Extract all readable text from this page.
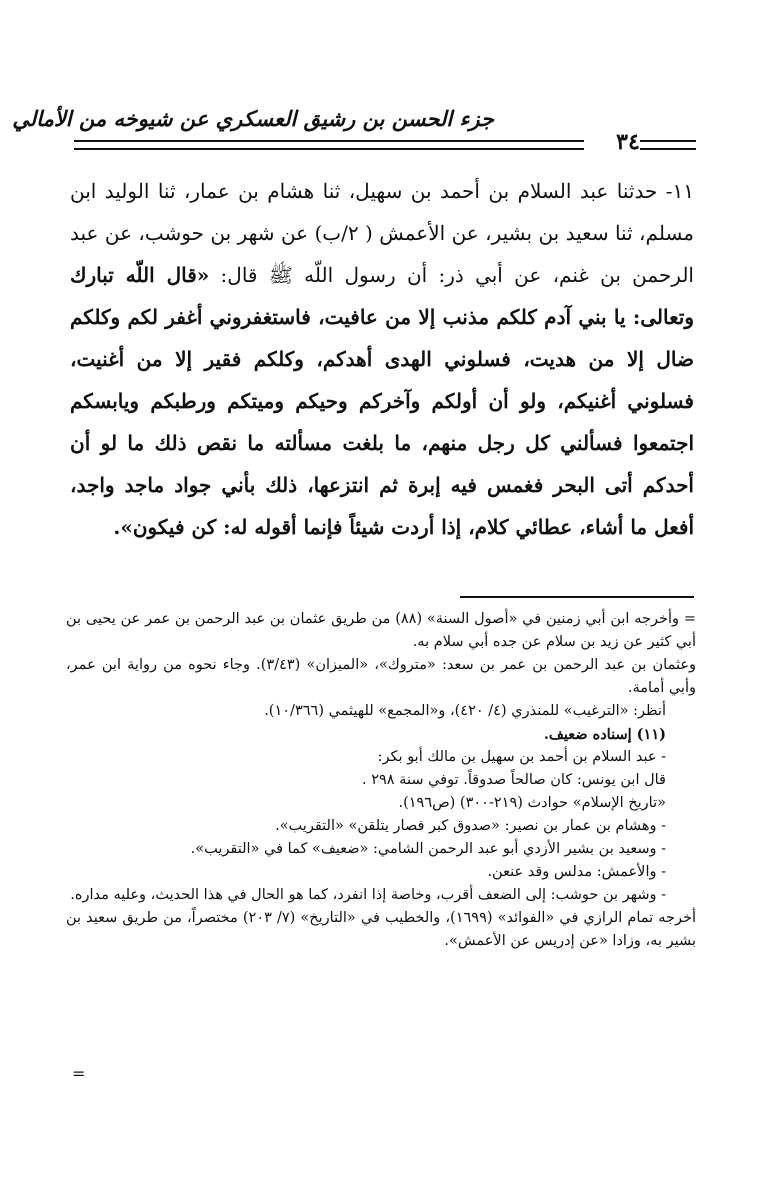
جزء الحسن بن رشيق العسكري عن شيوخه من الأمالي
٣٤
١١- حدثنا عبد السلام بن أحمد بن سهيل، ثنا هشام بن عمار، ثنا الوليد ابن مسلم، ثنا سعيد بن بشير، عن الأعمش ( ٢/ب) عن شهر بن حوشب، عن عبد الرحمن بن غنم، عن أبي ذر: أن رسول اللّه ﷺ قال: «قال اللّه تبارك وتعالى: يا بني آدم كلكم مذنب إلا من عافيت، فاستغفروني أغفر لكم وكلكم ضال إلا من هديت، فسلوني الهدى أهدكم، وكلكم فقير إلا من أغنيت، فسلوني أغنيكم، ولو أن أولكم وآخركم وحيكم وميتكم ورطبكم ويابسكم اجتمعوا فسألني كل رجل منهم، ما بلغت مسألته ما نقص ذلك ما لو أن أحدكم أتى البحر فغمس فيه إبرة ثم انتزعها، ذلك بأني جواد ماجد واجد، أفعل ما أشاء، عطائي كلام، إذا أردت شيئاً فإنما أقوله له: كن فيكون».

= وأخرجه ابن أبي زمنين في «أصول السنة» (٨٨) من طريق عثمان بن عبد الرحمن بن عمر عن يحيى بن أبي كثير عن زيد بن سلام عن جده أبي سلام به.

وعثمان بن عبد الرحمن بن عمر بن سعد: «متروك»، «الميزان» (٣/٤٣). وجاء نحوه من رواية ابن عمر، وأبي أمامة.

أنظر: «الترغيب» للمنذري (٤/ ٤٢٠)، و«المجمع» للهيثمي (١٠/٣٦٦).

(١١) إسناده ضعيف.

- عبد السلام بن أحمد بن سهيل بن مالك أبو بكر:

قال ابن يونس: كان صالحاً صدوقاً. توفي سنة ٢٩٨ .

«تاريخ الإسلام» حوادث (٢١٩-٣٠٠) (ص١٩٦).

- وهشام بن عمار بن نصير: «صدوق كبر فصار يتلقن» «التقريب».

- وسعيد بن بشير الأزدي أبو عبد الرحمن الشامي: «ضعيف» كما في «التقريب».

- والأعمش: مدلس وقد عنعن.

- وشهر بن حوشب: إلى الضعف أقرب، وخاصة إذا انفرد، كما هو الحال في هذا الحديث، وعليه مداره.

أخرجه تمام الرازي في «الفوائد» (١٦٩٩)، والخطيب في «التاريخ» (٧/ ٢٠٣) مختصراً، من طريق سعيد بن بشير به، وزادا «عن إدريس عن الأعمش».

=
